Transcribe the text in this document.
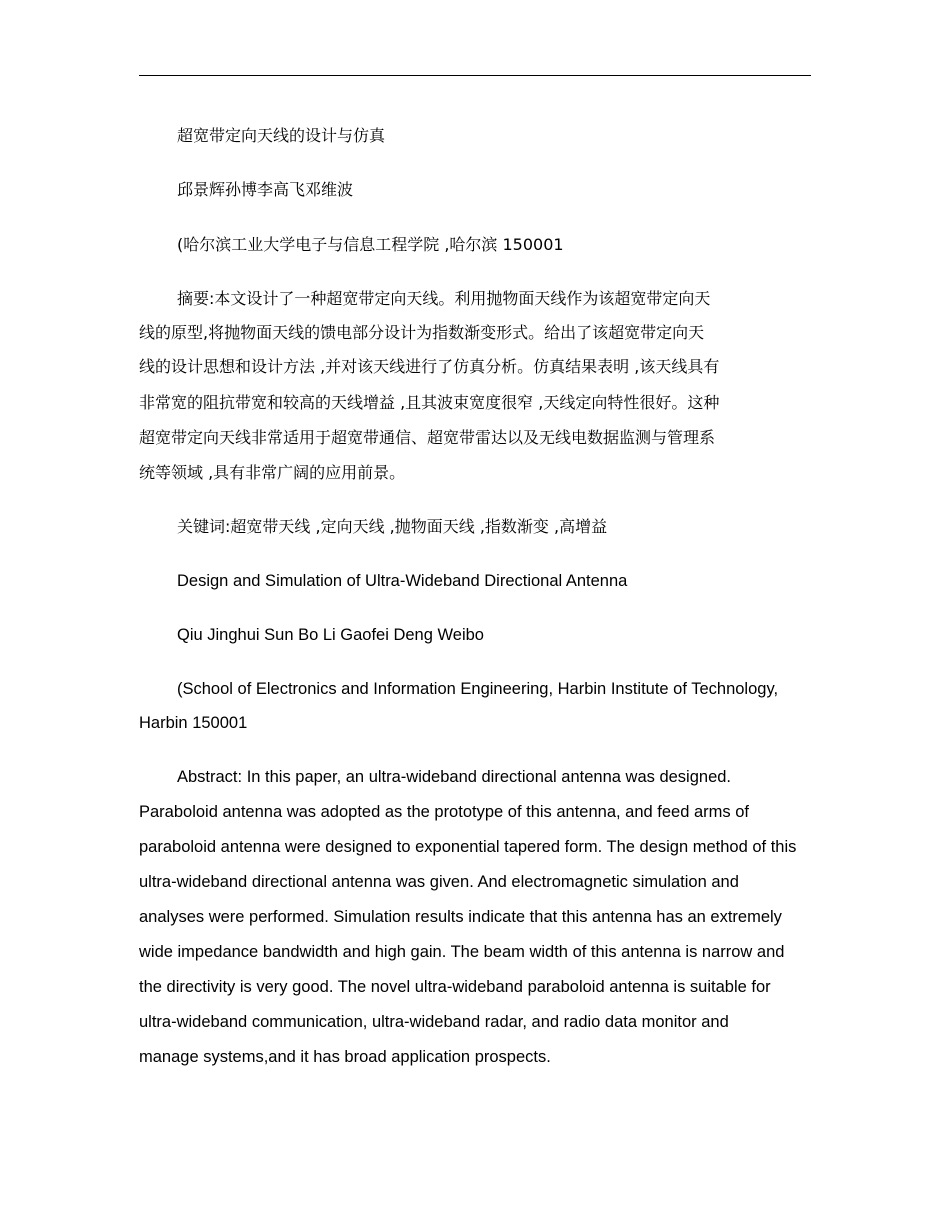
超宽带定向天线的设计与仿真
邱景辉孙博李高飞邓维波
(哈尔滨工业大学电子与信息工程学院 ,哈尔滨 150001
摘要:本文设计了一种超宽带定向天线。利用抛物面天线作为该超宽带定向天
线的原型,将抛物面天线的馈电部分设计为指数渐变形式。给出了该超宽带定向天
线的设计思想和设计方法 ,并对该天线进行了仿真分析。仿真结果表明 ,该天线具有
非常宽的阻抗带宽和较高的天线增益 ,且其波束宽度很窄 ,天线定向特性很好。这种
超宽带定向天线非常适用于超宽带通信、超宽带雷达以及无线电数据监测与管理系
统等领域 ,具有非常广阔的应用前景。
关键词:超宽带天线 ,定向天线 ,抛物面天线 ,指数渐变 ,高增益
Design and Simulation of Ultra-Wideband Directional Antenna
Qiu Jinghui Sun Bo Li Gaofei Deng Weibo
(School of Electronics and Information Engineering, Harbin Institute of Technology,
Harbin 150001
Abstract: In this paper, an ultra-wideband directional antenna was designed.
Paraboloid antenna was adopted as the prototype of this antenna, and feed arms of
paraboloid antenna were designed to exponential tapered form. The design method of this
ultra-wideband directional antenna was given. And electromagnetic simulation and
analyses were performed. Simulation results indicate that this antenna has an extremely
wide impedance bandwidth and high gain. The beam width of this antenna is narrow and
the directivity is very good. The novel ultra-wideband paraboloid antenna is suitable for
ultra-wideband communication, ultra-wideband radar, and radio data monitor and
manage systems,and it has broad application prospects.
